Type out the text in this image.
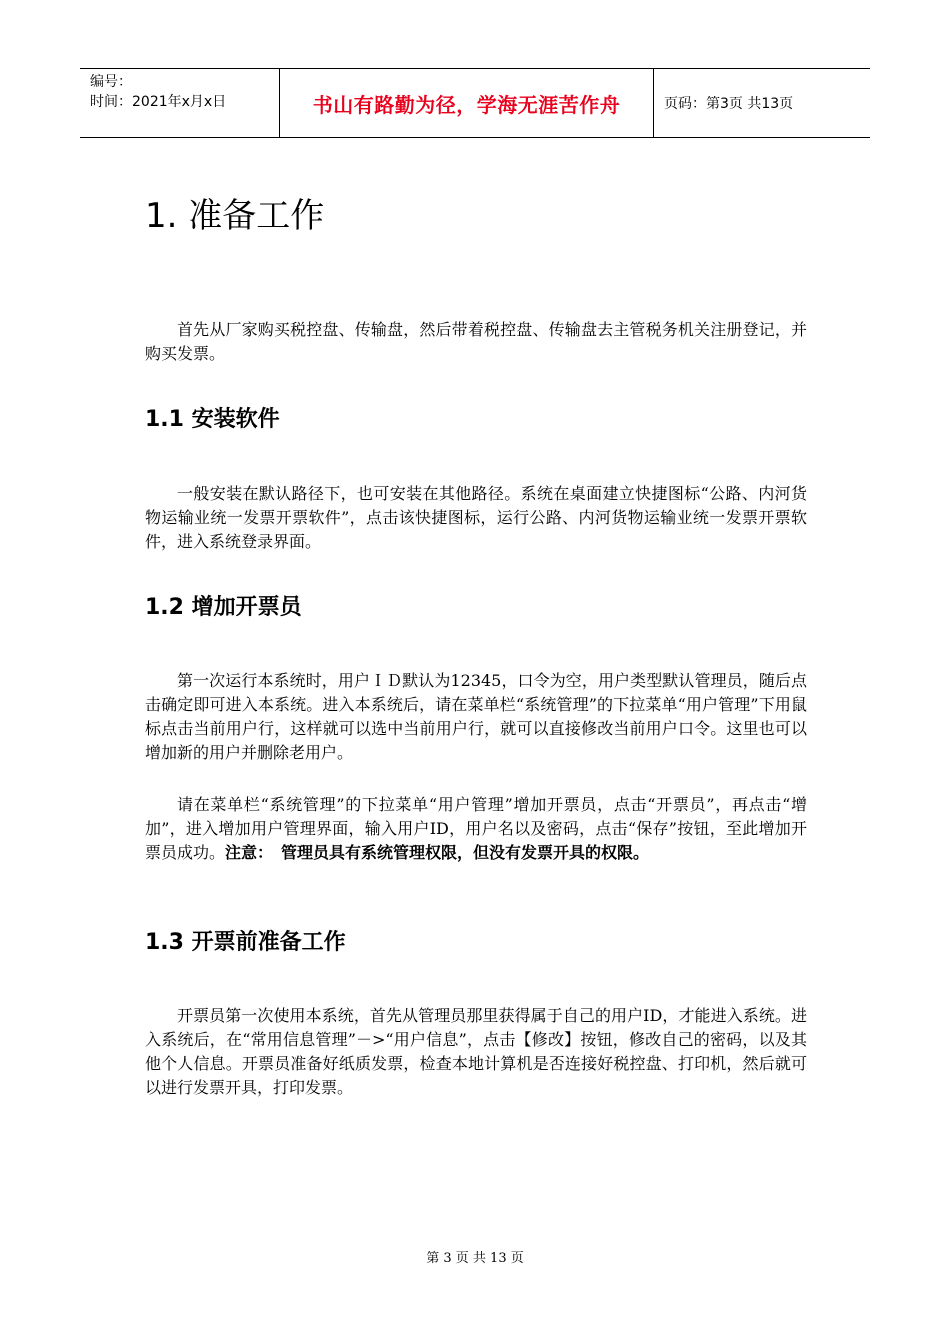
编号：
时间：2021年x月x日	书山有路勤为径，学海无涯苦作舟	页码：第3页 共13页
1. 准备工作

首先从厂家购买税控盘、传输盘，然后带着税控盘、传输盘去主管税务机关注册登记，并购买发票。

1.1 安装软件

一般安装在默认路径下，也可安装在其他路径。系统在桌面建立快捷图标“公路、内河货物运输业统一发票开票软件”，点击该快捷图标，运行公路、内河货物运输业统一发票开票软件，进入系统登录界面。

1.2 增加开票员

第一次运行本系统时，用户ＩＤ默认为12345，口令为空，用户类型默认管理员，随后点击确定即可进入本系统。进入本系统后，请在菜单栏“系统管理”的下拉菜单“用户管理”下用鼠标点击当前用户行，这样就可以选中当前用户行，就可以直接修改当前用户口令。这里也可以增加新的用户并删除老用户。

请在菜单栏“系统管理”的下拉菜单“用户管理”增加开票员，点击“开票员”，再点击“增加”，进入增加用户管理界面，输入用户ID，用户名以及密码，点击“保存”按钮，至此增加开票员成功。注意：　管理员具有系统管理权限，但没有发票开具的权限。

1.3 开票前准备工作

开票员第一次使用本系统，首先从管理员那里获得属于自己的用户ID，才能进入系统。进入系统后，在“常用信息管理”－>“用户信息”，点击【修改】按钮，修改自己的密码，以及其他个人信息。开票员准备好纸质发票，检查本地计算机是否连接好税控盘、打印机，然后就可以进行发票开具，打印发票。

第 3 页 共 13 页
